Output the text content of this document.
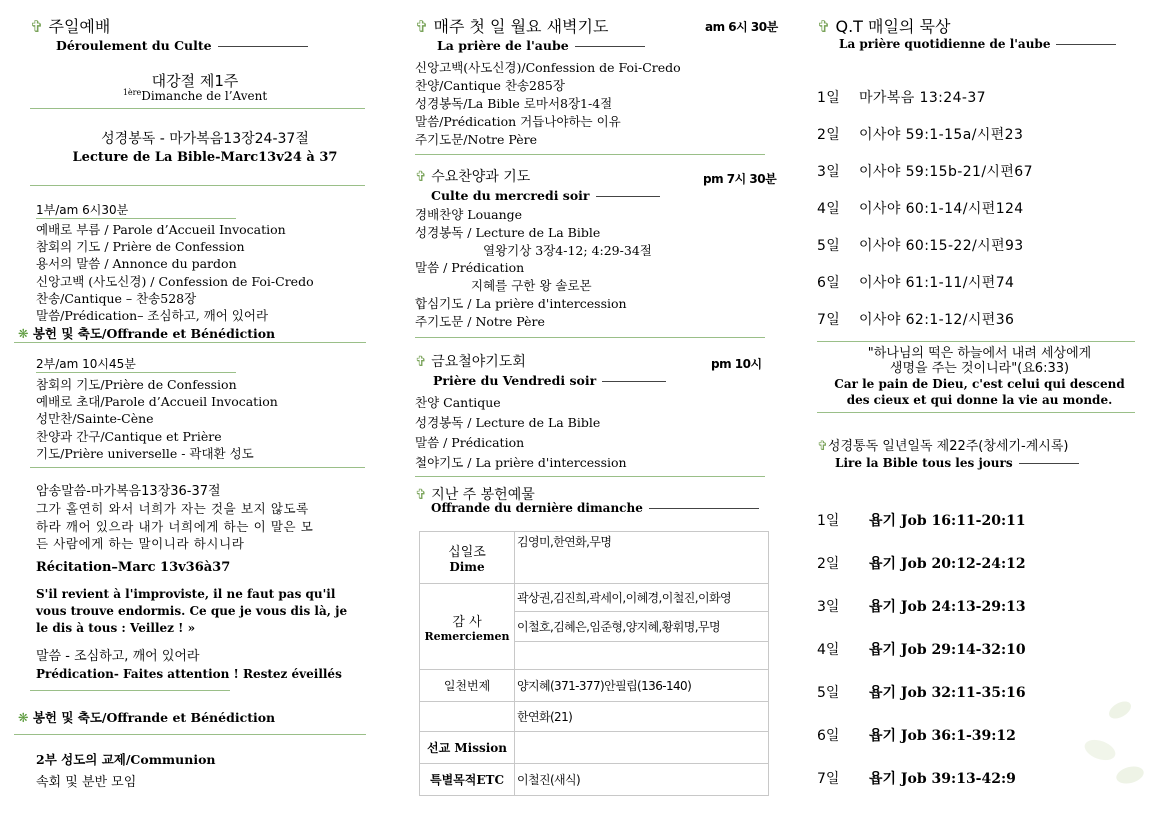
✞ 주일예배
Déroulement du Culte
대강절 제1주
$^{1ère}$Dimanche de l’Avent
성경봉독 - 마가복음13장24-37절
Lecture de La Bible-Marc13v24 à 37
1부/am 6시30분
예배로 부름 / Parole d’Accueil Invocation
참회의 기도 / Prière de Confession
용서의 말씀 / Annonce du pardon
신앙고백 (사도신경) / Confession de Foi-Credo
찬송/Cantique – 찬송528장
말씀/Prédication– 조심하고, 깨어 있어라
❋ 봉헌 및 축도/Offrande et Bénédiction
2부/am 10시45분
참회의 기도/Prière de Confession
예배로 초대/Parole d’Accueil Invocation
성만찬/Sainte-Cène
찬양과 간구/Cantique et Prière
기도/Prière universelle - 곽대환 성도
암송말씀-마가복음13장36-37절
그가 홀연히 와서 너희가 자는 것을 보지 않도록
하라 깨어 있으라 내가 너희에게 하는 이 말은 모
든 사람에게 하는 말이니라 하시니라
Récitation–Marc 13v36à37
S'il revient à l'improviste, il ne faut pas qu'il
vous trouve endormis. Ce que je vous dis là, je
le dis à tous : Veillez ! »
말씀 - 조심하고, 깨어 있어라
Prédication- Faites attention ! Restez éveillés
❋ 봉헌 및 축도/Offrande et Bénédiction
2부 성도의 교제/Communion
속회 및 분반 모임
✞ 매주 첫 일 월요 새벽기도	am 6시 30분
La prière de l'aube
신앙고백(사도신경)/Confession de Foi-Credo
찬양/Cantique 찬송285장
성경봉독/La Bible 로마서8장1-4절
말씀/Prédication 거듭나야하는 이유
주기도문/Notre Père
✞ 수요찬양과 기도	pm 7시 30분
Culte du mercredi soir
경배찬양 Louange
성경봉독 / Lecture de La Bible
열왕기상 3장4-12; 4:29-34절
말씀 / Prédication
지혜를 구한 왕 솔로몬
합심기도 / La prière d'intercession
주기도문 / Notre Père
✞ 금요철야기도회	pm 10시
Prière du Vendredi soir
찬양 Cantique
성경봉독 / Lecture de La Bible
말씀 / Prédication
철야기도 / La prière d'intercession
✞ 지난 주 봉헌예물
Offrande du dernière dimanche
십일조
Dime	김영미,한연화,무명

감 사
Remerciemen	곽상권,김진희,곽세이,이혜경,이철진,이화영
	이철호,김혜은,임준형,양지혜,황휘명,무명

일천번제	양지혜(371-377)안필립(136-140)
	한연화(21)
선교 Mission	
특별목적ETC	이철진(새식)
✞ Q.T 매일의 묵상
La prière quotidienne de l'aube
1일 마가복음 13:24-37
2일 이사야 59:1-15a/시편23
3일 이사야 59:15b-21/시편67
4일 이사야 60:1-14/시편124
5일 이사야 60:15-22/시편93
6일 이사야 61:1-11/시편74
7일 이사야 62:1-12/시편36
"하나님의 떡은 하늘에서 내려 세상에게
생명을 주는 것이니라"(요6:33)
Car le pain de Dieu, c'est celui qui descend
des cieux et qui donne la vie au monde.
✞성경통독 일년일독 제22주(창세기-계시록)
Lire la Bible tous les jours
1일 욥기 Job 16:11-20:11
2일 욥기 Job 20:12-24:12
3일 욥기 Job 24:13-29:13
4일 욥기 Job 29:14-32:10
5일 욥기 Job 32:11-35:16
6일 욥기 Job 36:1-39:12
7일 욥기 Job 39:13-42:9
